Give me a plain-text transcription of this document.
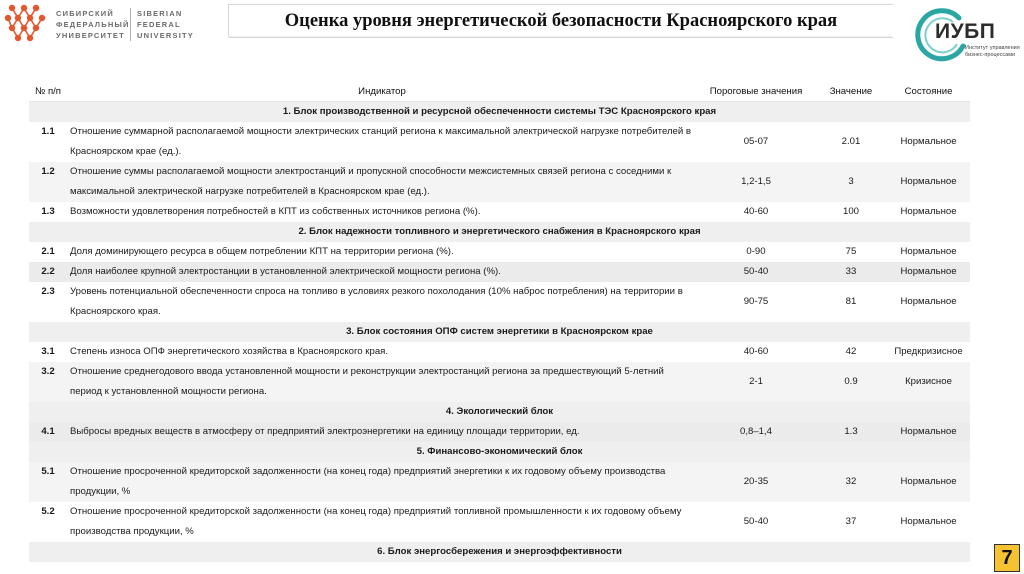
СИБИРСКИЙ
ФЕДЕРАЛЬНЫЙ
УНИВЕРСИТЕТ
SIBERIAN
FEDERAL
UNIVERSITY
Оценка уровня энергетической безопасности Красноярского края	ИУБП
Институт управления бизнес-процессами
№ п/п	Индикатор	Пороговые значения	Значение	Состояние
1. Блок производственной и ресурсной обеспеченности системы ТЭС Красноярского края				
1.1	Отношение суммарной располагаемой мощности электрических станций региона к максимальной электрической нагрузке потребителей в Красноярском крае (ед.).	05-07	2.01	Нормальное
1.2	Отношение суммы располагаемой мощности электростанций и пропускной способности межсистемных связей региона с соседними к максимальной электрической нагрузке потребителей в Красноярском крае (ед.).	1,2-1,5	3	Нормальное
1.3	Возможности удовлетворения потребностей в КПТ из собственных источников региона (%).	40-60	100	Нормальное
2. Блок надежности топливного и энергетического снабжения в Красноярского края				
2.1	Доля доминирующего ресурса в общем потреблении КПТ на территории региона (%).	0-90	75	Нормальное
2.2	Доля наиболее крупной электростанции в установленной электрической мощности региона (%).	50-40	33	Нормальное
2.3	Уровень потенциальной обеспеченности спроса на топливо в условиях резкого похолодания (10% наброс потребления) на территории в Красноярского края.	90-75	81	Нормальное
3. Блок состояния ОПФ систем энергетики в Красноярском крае				
3.1	Степень износа ОПФ энергетического хозяйства в Красноярского края.	40-60	42	Предкризисное
3.2	Отношение среднегодового ввода установленной мощности и реконструкции электростанций региона за предшествующий 5-летний период к установленной мощности региона.	2-1	0.9	Кризисное
4. Экологический блок				
4.1	Выбросы вредных веществ в атмосферу от предприятий электроэнергетики на единицу площади территории, ед.	0,8–1,4	1.3	Нормальное
5. Финансово-экономический блок				
5.1	Отношение просроченной кредиторской задолженности (на конец года) предприятий энергетики к их годовому объему производства продукции, %	20-35	32	Нормальное
5.2	Отношение просроченной кредиторской задолженности (на конец года) предприятий топливной промышленности к их годовому объему производства продукции, %	50-40	37	Нормальное
6. Блок энергосбережения и энергоэффективности					7
